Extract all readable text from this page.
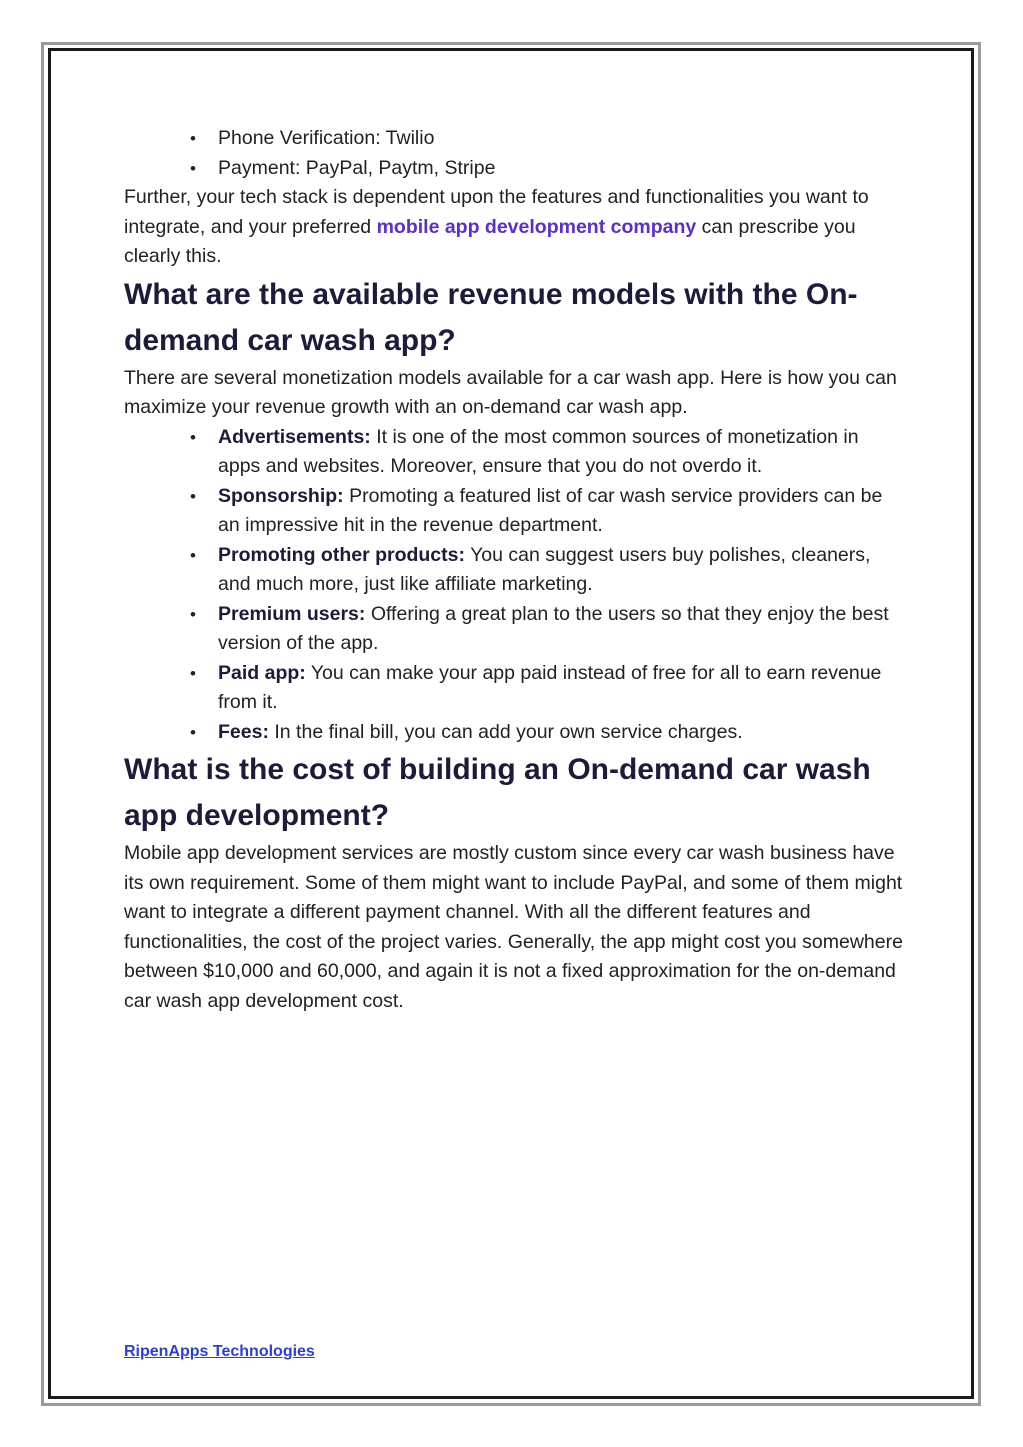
• Phone Verification: Twilio
• Payment: PayPal, Paytm, Stripe

Further, your tech stack is dependent upon the features and functionalities you want to integrate, and your preferred mobile app development company can prescribe you clearly this.

What are the available revenue models with the On-demand car wash app?

There are several monetization models available for a car wash app. Here is how you can maximize your revenue growth with an on-demand car wash app.

• Advertisements: It is one of the most common sources of monetization in apps and websites. Moreover, ensure that you do not overdo it.
• Sponsorship: Promoting a featured list of car wash service providers can be an impressive hit in the revenue department.
• Promoting other products: You can suggest users buy polishes, cleaners, and much more, just like affiliate marketing.
• Premium users: Offering a great plan to the users so that they enjoy the best version of the app.
• Paid app: You can make your app paid instead of free for all to earn revenue from it.
• Fees: In the final bill, you can add your own service charges.
What is the cost of building an On-demand car wash app development?

Mobile app development services are mostly custom since every car wash business have its own requirement. Some of them might want to include PayPal, and some of them might want to integrate a different payment channel. With all the different features and functionalities, the cost of the project varies. Generally, the app might cost you somewhere between $10,000 and 60,000, and again it is not a fixed approximation for the on-demand car wash app development cost.

RipenApps Technologies
